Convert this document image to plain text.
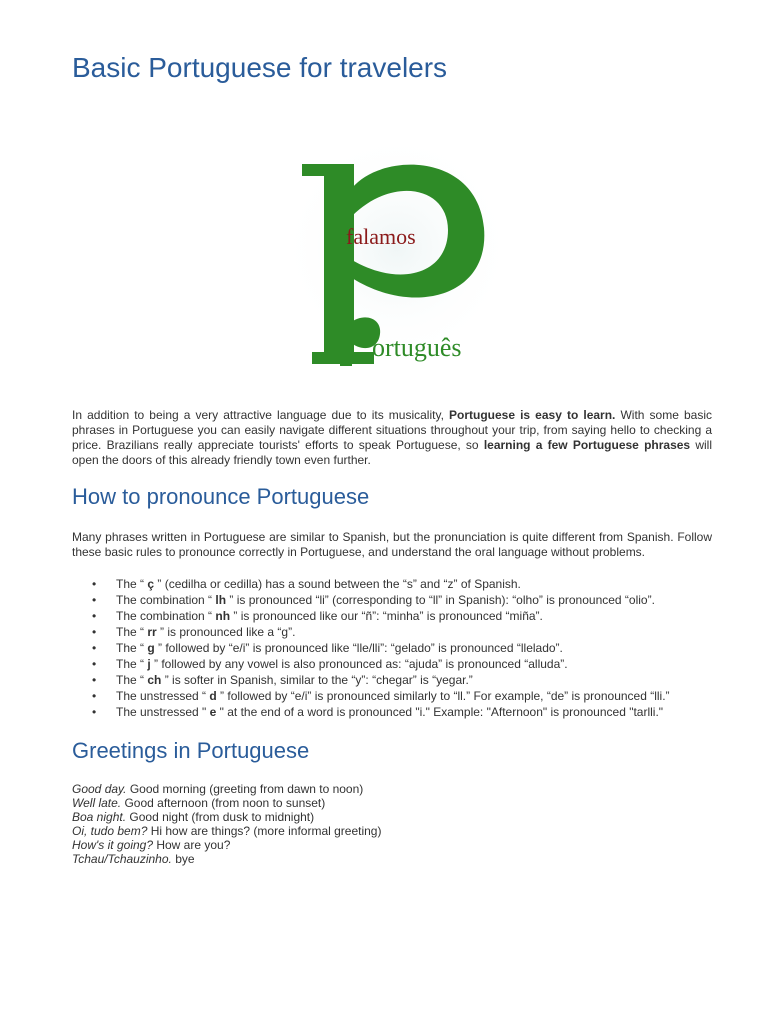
Basic Portuguese for travelers
falamos
ortuguês

In addition to being a very attractive language due to its musicality, Portuguese is easy to learn. With some basic phrases in Portuguese you can easily navigate different situations throughout your trip, from saying hello to checking a price. Brazilians really appreciate tourists' efforts to speak Portuguese, so learning a few Portuguese phrases will open the doors of this already friendly town even further.

How to pronounce Portuguese

Many phrases written in Portuguese are similar to Spanish, but the pronunciation is quite different from Spanish. Follow these basic rules to pronounce correctly in Portuguese, and understand the oral language without problems.

• The “ ç ” (cedilha or cedilla) has a sound between the “s” and “z” of Spanish.
• The combination “ lh ” is pronounced “li” (corresponding to “ll” in Spanish): “olho” is pronounced “olio”.
• The combination “ nh ” is pronounced like our “ñ”: “minha” is pronounced “miña”.
• The “ rr ” is pronounced like a “g”.
• The “ g ” followed by “e/i” is pronounced like “lle/lli”: “gelado” is pronounced “llelado”.
• The “ j ” followed by any vowel is also pronounced as: “ajuda” is pronounced “alluda”.
• The “ ch ” is softer in Spanish, similar to the “y”: “chegar” is “yegar.”
• The unstressed “ d ” followed by “e/i” is pronounced similarly to “ll.” For example, “de” is pronounced “lli.”
• The unstressed " e " at the end of a word is pronounced "i." Example: "Afternoon" is pronounced "tarlli."
Greetings in Portuguese
Good day. Good morning (greeting from dawn to noon)
Well late. Good afternoon (from noon to sunset)
Boa night. Good night (from dusk to midnight)
Oi, tudo bem? Hi how are things? (more informal greeting)
How's it going? How are you?
Tchau/Tchauzinho. bye
